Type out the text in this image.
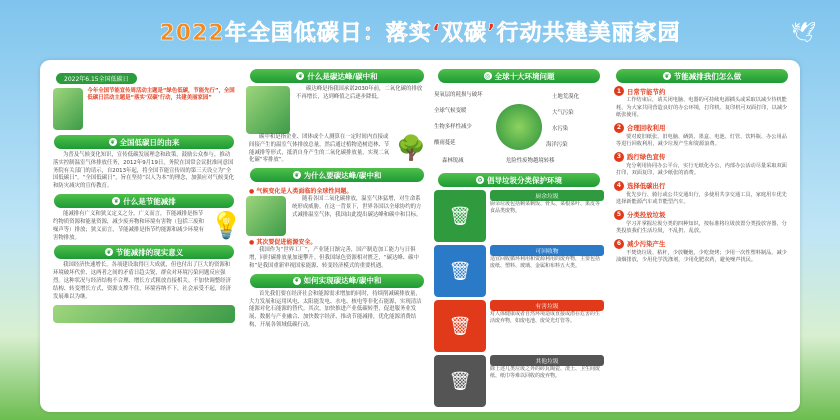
2022年全国低碳日：落实‘双碳’行动共建美丽家园	🕊
2022年6.15全国低碳日
今年全国节能宣传周活动主题是“绿色低碳，节能先行”，全国低碳日活动主题是“落实‘双碳’行动，共建美丽家园”
❦ 全国低碳日的由来
为普及气候变化知识，宣传低碳发展理念和政策，鼓励公众参与，推动落实控制温室气体排放任务，2012年9月19日，务院在国常会议批准同意国务院有关部门的请示，自2013年起，将全国节能宣传周的第三天设立为“全国低碳日”。“全国低碳日”，旨在坚持“以人为本”的理念，加强应对气候变化和防灾减灾的宣传教育。
❦ 什么是节能减排
能减排有广义和狭义定义之分，广义而言，节能减排是指节约物质资源和能量资源，减少废弃物和环境有害物（包括三废和噪声等）排放；狭义而言，节能减排是指节约能源和减少环境有害物排放。	💡
❦ 节能减排的现实意义
我国经济快速增长，各项建设取得巨大成就，但也付出了巨大的资源和环境破坏代价，这两者之间的矛盾日趋尖锐，群众对环境污染问题反应强烈。这种状况与经济结构不合理、增长方式粗放直接相关。不加快调整经济结构、转变增长方式，资源支撑不住，环境容纳不下，社会承受不起，经济发展难以为继。
❦ 什么是碳达峰/碳中和
碳达峰是指我国承诺2030年前，二氧化碳的排放不再增长，达到峰值之后逐步降低。
碳中和是指企业、团体或个人测算在一定时间内直接或间接产生的温室气体排放总量，然后通过植物造树造林、节能减排等形式，抵消自身产生的二氧化碳排放量，实现二氧化碳“零排放”。	🌳
❦ 为什么要碳达峰/碳中和
● 气候变化是人类面临的全球性问题。
随着各国二氧化碳排放，温室气体猛增，对生命系统形成威胁。在这一背景下，世界各国以全球协约的方式减排温室气体，我国由此提出碳达峰和碳中和目标。
● 其次要促进能源安全。
我国作为“世界工厂”，产业链日渐完善，国产制造加工能力与日俱增，同时碳排放量加速攀升。但我国绿色资源相对匮乏，“碳达峰、碳中和”是我国重新审视国家能源、转变经济模式的重要机遇。
❦ 如何实现碳达峰/碳中和
首先我们要在经济社会和能源需求增加的同时，持续削减碳排放量，大力发展和运用风电、太阳能发电、水电、核电等非化石能源，实现清洁能源对化石能源的替代。其次，加快推进产业低碳转型，促进服务业发展、数据与产业融合、加快数字经济、推动节能减排，优化能源消费结构，开展各领域低碳行动。
◎ 全球十大环境问题
臭氧层的耗损与破坏
全球气候变暖
生物多样性减少
酸雨蔓延
森林锐减
土地荒漠化
大气污染
水污染
海洋污染
危险性废物越境转移
♻ 倡导垃圾分类保护环境
🗑
厨余垃圾
厨余垃圾包括剩菜剩饭、骨头、菜根菜叶、果皮等食品类废物。
🗑
可回收物
适宜回收循环利用和资源利用的废弃物，主要包括废纸、塑料、玻璃、金属和布料五大类。
🗑
有害垃圾
对人体健康或者自然环境造成直接或潜在危害的生活废弃物，如废电池、废荧光灯管等。
🗑
其他垃圾
除上述几类垃圾之外的砖瓦陶瓷、渣土、卫生间废纸、纸巾等难以回收的废弃物。
❦ 节能减排我们怎么做
1 日常节能节约
工作结束后，请关闭电脑、电器的可持续电源插头或采取以减少待机能耗，为大家共同营造良好的办公环境，打印机、复印机可双面打印，以减少纸张使用。
2 合理回收利用
要对废旧纸张、旧电脑、硒鼓、墨盒、电池、灯管、饮料瓶、办公用品等进行回收利用，减少垃圾产生和资源浪费。
3 践行绿色宣传
充分利用协同办公平台，实行无纸化办公，内部办公活动尽量采取双面打印，双面复印，减少纸张的消费。
4 选择低碳出行
优先步行、骑行或公共交通出行，多使用共享交通工具，家庭用车优先选择新能源汽车或节能型汽车。
5 分类投放垃圾
学习并掌握垃圾分类的四种知识，按标准将垃圾放置分类投放容器，分类投放我们生活垃圾，不乱扔、乱放。
6 减少污染产生
不焚烧垃圾、秸秆，少放鞭炮，少吃烧烤；少用一次性塑料制品，减少油烟排放，少用化学洗涤剂，少用化肥农药，避免噪声扰民。
